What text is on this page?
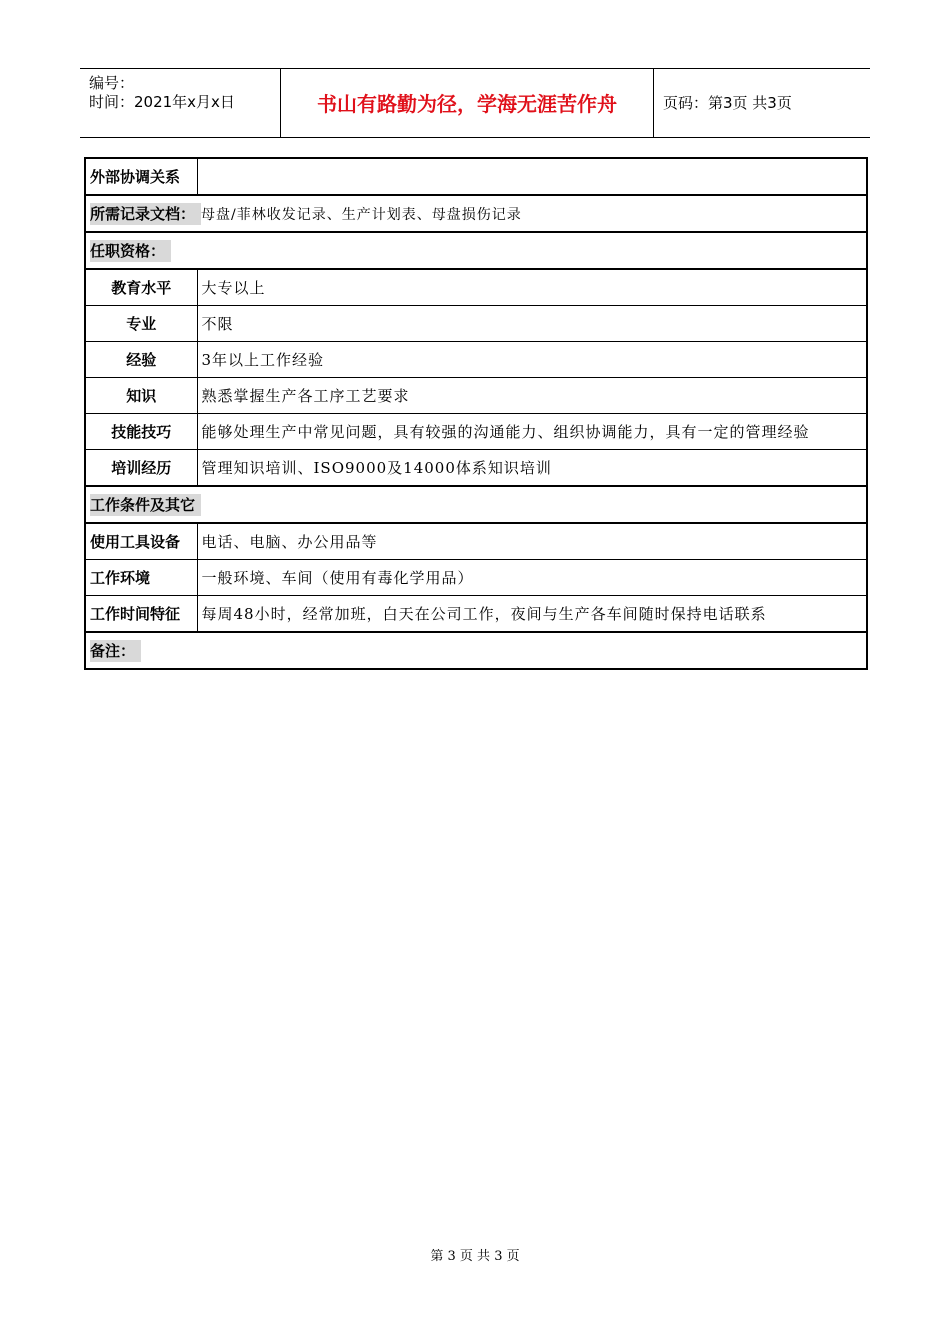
编号：
时间：2021年x月x日	书山有路勤为径，学海无涯苦作舟	页码：第3页 共3页
外部协调关系	
所需记录文档： 母盘/菲林收发记录、生产计划表、母盘损伤记录	
任职资格：	
教育水平	大专以上
专业	不限
经验	3年以上工作经验
知识	熟悉掌握生产各工序工艺要求
技能技巧	能够处理生产中常见问题，具有较强的沟通能力、组织协调能力，具有一定的管理经验
培训经历	管理知识培训、ISO9000及14000体系知识培训
工作条件及其它	
使用工具设备	电话、电脑、办公用品等
工作环境	一般环境、车间（使用有毒化学用品）
工作时间特征	每周48小时，经常加班，白天在公司工作，夜间与生产各车间随时保持电话联系
备注：	
第 3 页 共 3 页
